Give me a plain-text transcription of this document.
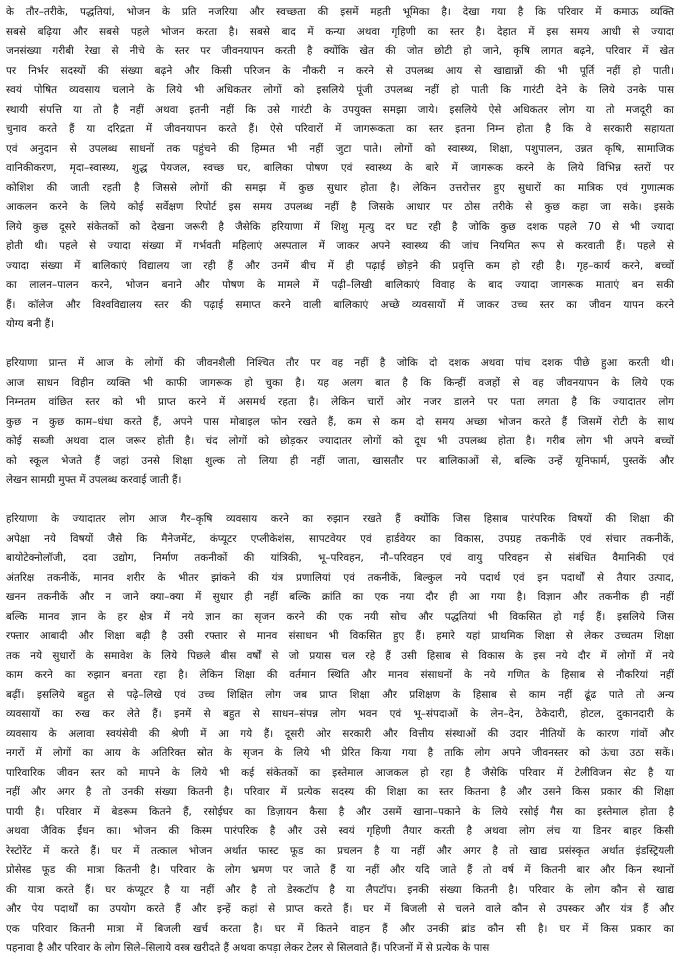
के तौर–तरीके, पद्धतियां, भोजन के प्रति नजरिया और स्वच्छता की इसमें महती भूमिका है। देखा गया है कि परिवार में कमाऊ व्यक्ति
सबसे बढ़िया और सबसे पहले भोजन करता है। सबसे बाद में कन्या अथवा गृहिणी का स्तर है। देहात में इस समय आधी से ज्यादा
जनसंख्या गरीबी रेखा से नीचे के स्तर पर जीवनयापन करती है क्योंकि खेत की जोत छोटी हो जाने, कृषि लागत बढ़ने, परिवार में खेत
पर निर्भर सदस्यों की संख्या बढ़ने और किसी परिजन के नौकरी न करने से उपलब्ध आय से खाद्यान्नों की भी पूर्ति नहीं हो पाती।
स्वयं पोषित व्यवसाय चलाने के लिये भी अधिकतर लोगों को इसलिये पूंजी उपलब्ध नहीं हो पाती कि गारंटी देने के लिये उनके पास
स्थायी संपत्ति या तो है नहीं अथवा इतनी नहीं कि उसे गारंटी के उपयुक्त समझा जाये। इसलिये ऐसे अधिकतर लोग या तो मजदूरी का
चुनाव करते हैं या दरिद्रता में जीवनयापन करते हैं। ऐसे परिवारों में जागरूकता का स्तर इतना निम्न होता है कि वे सरकारी सहायता
एवं अनुदान से उपलब्ध साधनों तक पहुंचने की हिम्मत भी नहीं जुटा पाते। लोगों को स्वास्थ्य, शिक्षा, पशुपालन, उन्नत कृषि, सामाजिक
वानिकीकरण, मृदा–स्वास्थ्य, शुद्ध पेयजल, स्वच्छ घर, बालिका पोषण एवं स्वास्थ्य के बारे में जागरूक करने के लिये विभिन्न स्तरों पर
कोशिश की जाती रहती है जिससे लोगों की समझ में कुछ सुधार होता है। लेकिन उत्तरोत्तर हुए सुधारों का मात्रिक एवं गुणात्मक
आकलन करने के लिये कोई सर्वेक्षण रिपोर्ट इस समय उपलब्ध नहीं है जिसके आधार पर ठोस तरीके से कुछ कहा जा सके। इसके
लिये कुछ दूसरे संकेतकों को देखना जरूरी है जैसेकि हरियाणा में शिशु मृत्यु दर घट रही है जोकि कुछ दशक पहले 70 से भी ज्यादा
होती थी। पहले से ज्यादा संख्या में गर्भवती महिलाएं अस्पताल में जाकर अपने स्वास्थ्य की जांच नियमित रूप से करवाती हैं। पहले से
ज्यादा संख्या में बालिकाएं विद्यालय जा रही हैं और उनमें बीच में ही पढ़ाई छोड़ने की प्रवृत्ति कम हो रही है। गृह–कार्य करने, बच्चों
का लालन–पालन करने, भोजन बनाने और पोषण के मामले में पढ़ी–लिखी बालिकाएं विवाह के बाद ज्यादा जागरूक माताएं बन सकी
हैं। कॉलेज और विश्वविद्यालय स्तर की पढ़ाई समाप्त करने वाली बालिकाएं अच्छे व्यवसायों में जाकर उच्च स्तर का जीवन यापन करने
योग्य बनी हैं।
हरियाणा प्रान्त में आज के लोगों की जीवनशैली निश्चित तौर पर वह नहीं है जोकि दो दशक अथवा पांच दशक पीछे हुआ करती थी।
आज साधन विहीन व्यक्ति भी काफी जागरूक हो चुका है। यह अलग बात है कि किन्हीं वजहों से वह जीवनयापन के लिये एक
निम्नतम वांछित स्तर को भी प्राप्त करने में असमर्थ रहता है। लेकिन चारों ओर नजर डालने पर पता लगता है कि ज्यादातर लोग
कुछ न कुछ काम–धंधा करते हैं, अपने पास मोबाइल फोन रखते हैं, कम से कम दो समय अच्छा भोजन करते हैं जिसमें रोटी के साथ
कोई सब्जी अथवा दाल जरूर होती है। चंद लोगों को छोड़कर ज्यादातर लोगों को दूध भी उपलब्ध होता है। गरीब लोग भी अपने बच्चों
को स्कूल भेजते हैं जहां उनसे शिक्षा शुल्क तो लिया ही नहीं जाता, खासतौर पर बालिकाओं से, बल्कि उन्हें यूनिफार्म, पुस्तकें और
लेखन सामग्री मुफ्त में उपलब्ध करवाई जाती हैं।
हरियाणा के ज्यादातर लोग आज गैर–कृषि व्यवसाय करने का रुझान रखते हैं क्योंकि जिस हिसाब पारंपरिक विषयों की शिक्षा की
अपेक्षा नये विषयों जैसे कि मैनेजमेंट, कंप्यूटर एप्लीकेशंस, सापटवेयर एवं हार्डवेयर का विकास, उपग्रह तकनीकें एवं संचार तकनीकें,
बायोटेक्नोलॉजी, दवा उद्योग, निर्माण तकनीकों की यांत्रिकी, भू–परिवहन, नौ–परिवहन एवं वायु परिवहन से संबंधित वैमानिकी एवं
अंतरिक्ष तकनीकें, मानव शरीर के भीतर झांकने की यंत्र प्रणालियां एवं तकनीकें, बिल्कुल नये पदार्थ एवं इन पदार्थों से तैयार उत्पाद,
खनन तकनीकें और न जाने क्या–क्या में सुधार ही नहीं बल्कि क्रांति का एक नया दौर ही आ गया है। विज्ञान और तकनीक ही नहीं
बल्कि मानव ज्ञान के हर क्षेत्र में नये ज्ञान का सृजन करने की एक नयी सोच और पद्धतियां भी विकसित हो गई हैं। इसलिये जिस
रफ्तार आबादी और शिक्षा बढ़ी है उसी रफ्तार से मानव संसाधन भी विकसित हुए हैं। हमारे यहां प्राथमिक शिक्षा से लेकर उच्चतम शिक्षा
तक नये सुधारों के समावेश के लिये पिछले बीस वर्षों से जो प्रयास चल रहे हैं उसी हिसाब से विकास के इस नये दौर में लोगों में नये
काम करने का रुझान बनता रहा है। लेकिन शिक्षा की वर्तमान स्थिति और मानव संसाधनों के नये गणित के हिसाब से नौकरियां नहीं
बढ़ीं। इसलिये बहुत से पढ़े–लिखे एवं उच्च शिक्षित लोग जब प्राप्त शिक्षा और प्रशिक्षण के हिसाब से काम नहीं ढूंढ पाते तो अन्य
व्यवसायों का रुख कर लेते हैं। इनमें से बहुत से साधन–संपन्न लोग भवन एवं भू–संपदाओं के लेन–देन, ठेकेदारी, होटल, दुकानदारी के
व्यवसाय के अलावा स्वयंसेवी की श्रेणी में आ गये हैं। दूसरी ओर सरकारी और वित्तीय संस्थाओं की उदार नीतियों के कारण गांवों और
नगरों में लोगों का आय के अतिरिक्त स्रोत के सृजन के लिये भी प्रेरित किया गया है ताकि लोग अपने जीवनस्तर को ऊंचा उठा सकें।
पारिवारिक जीवन स्तर को मापने के लिये भी कई संकेतकों का इस्तेमाल आजकल हो रहा है जैसेकि परिवार में टेलीविजन सेट है या
नहीं और अगर है तो उनकी संख्या कितनी है। परिवार में प्रत्येक सदस्य की शिक्षा का स्तर कितना है और उसने किस प्रकार की शिक्षा
पायी है। परिवार में बेडरूम कितने हैं, रसोईघर का डिज़ायन कैसा है और उसमें खाना–पकाने के लिये रसोई गैस का इस्तेमाल होता है
अथवा जैविक ईंधन का। भोजन की किस्म पारंपरिक है और उसे स्वयं गृहिणी तैयार करती है अथवा लोग लंच या डिनर बाहर किसी
रेस्टोरेंट में करते हैं। घर में तत्काल भोजन अर्थात फास्ट फूड का प्रचलन है या नहीं और अगर है तो खाद्य प्रसंस्कृत अर्थात इंडस्ट्रियली
प्रोसेस्ड फूड की मात्रा कितनी है। परिवार के लोग भ्रमण पर जाते हैं या नहीं और यदि जाते हैं तो वर्ष में कितनी बार और किन स्थानों
की यात्रा करते हैं। घर कंप्यूटर है या नहीं और है तो डेस्कटॉप है या लैपटॉप। इनकी संख्या कितनी है। परिवार के लोग कौन से खाद्य
और पेय पदार्थों का उपयोग करते हैं और इन्हें कहां से प्राप्त करते हैं। घर में बिजली से चलने वाले कौन से उपस्कर और यंत्र हैं और
एक परिवार कितनी मात्रा में बिजली खर्च करता है। घर में कितने वाहन हैं और उनकी ब्रांड कौन सी है। घर में किस प्रकार का
पहनावा है और परिवार के लोग सिले–सिलाये वस्त्र खरीदते हैं अथवा कपड़ा लेकर टेलर से सिलवाते हैं। परिजनों में से प्रत्येक के पास
